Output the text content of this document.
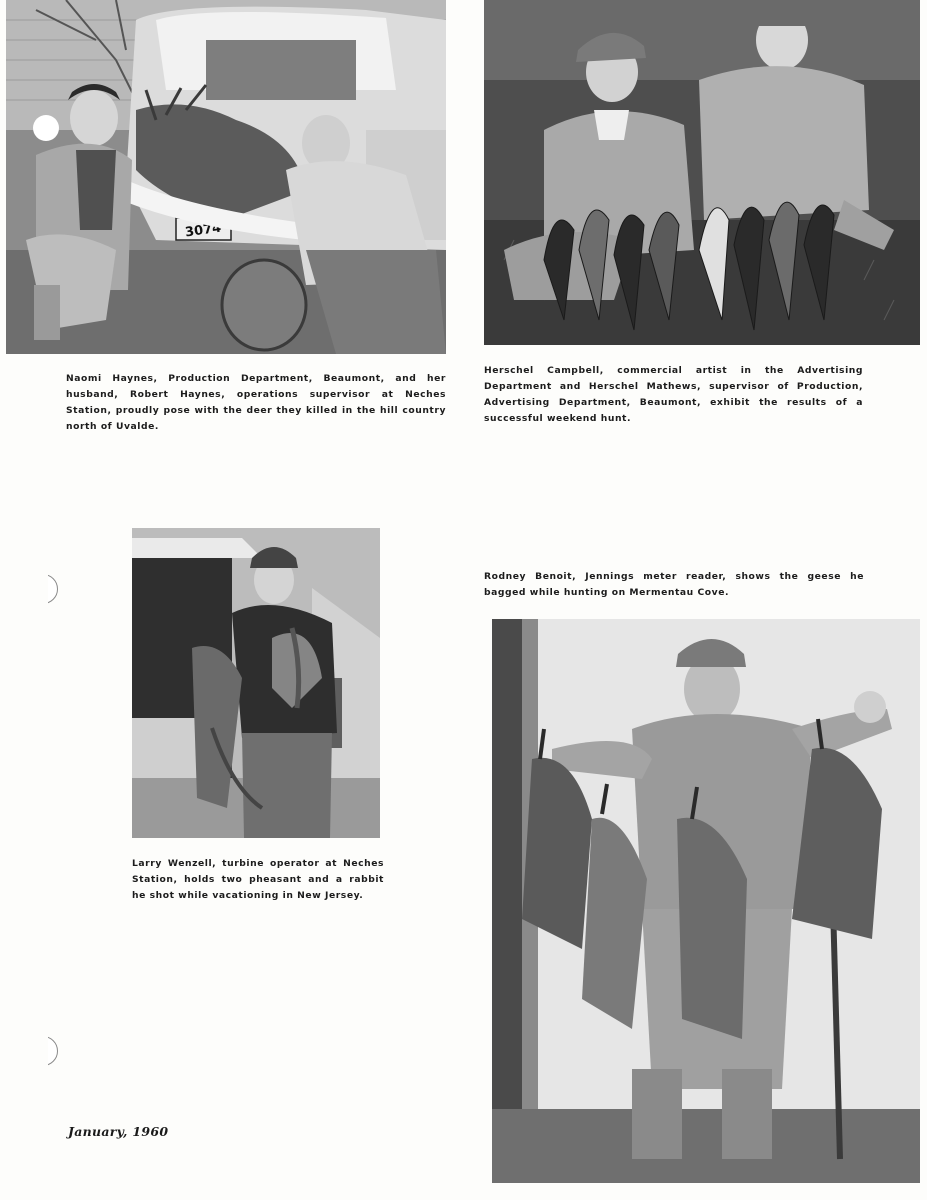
3074

Naomi Haynes, Production Department, Beaumont, and her husband, Robert Haynes, operations supervisor at Neches Station, proudly pose with the deer they killed in the hill country north of Uvalde.

Herschel Campbell, commercial artist in the Advertising Department and Herschel Mathews, supervisor of Production, Advertising Department, Beaumont, exhibit the results of a successful weekend hunt.

Larry Wenzell, turbine operator at Neches Station, holds two pheasant and a rabbit he shot while vacationing in New Jersey.

Rodney Benoit, Jennings meter reader, shows the geese he bagged while hunting on Mermentau Cove.

January, 1960
